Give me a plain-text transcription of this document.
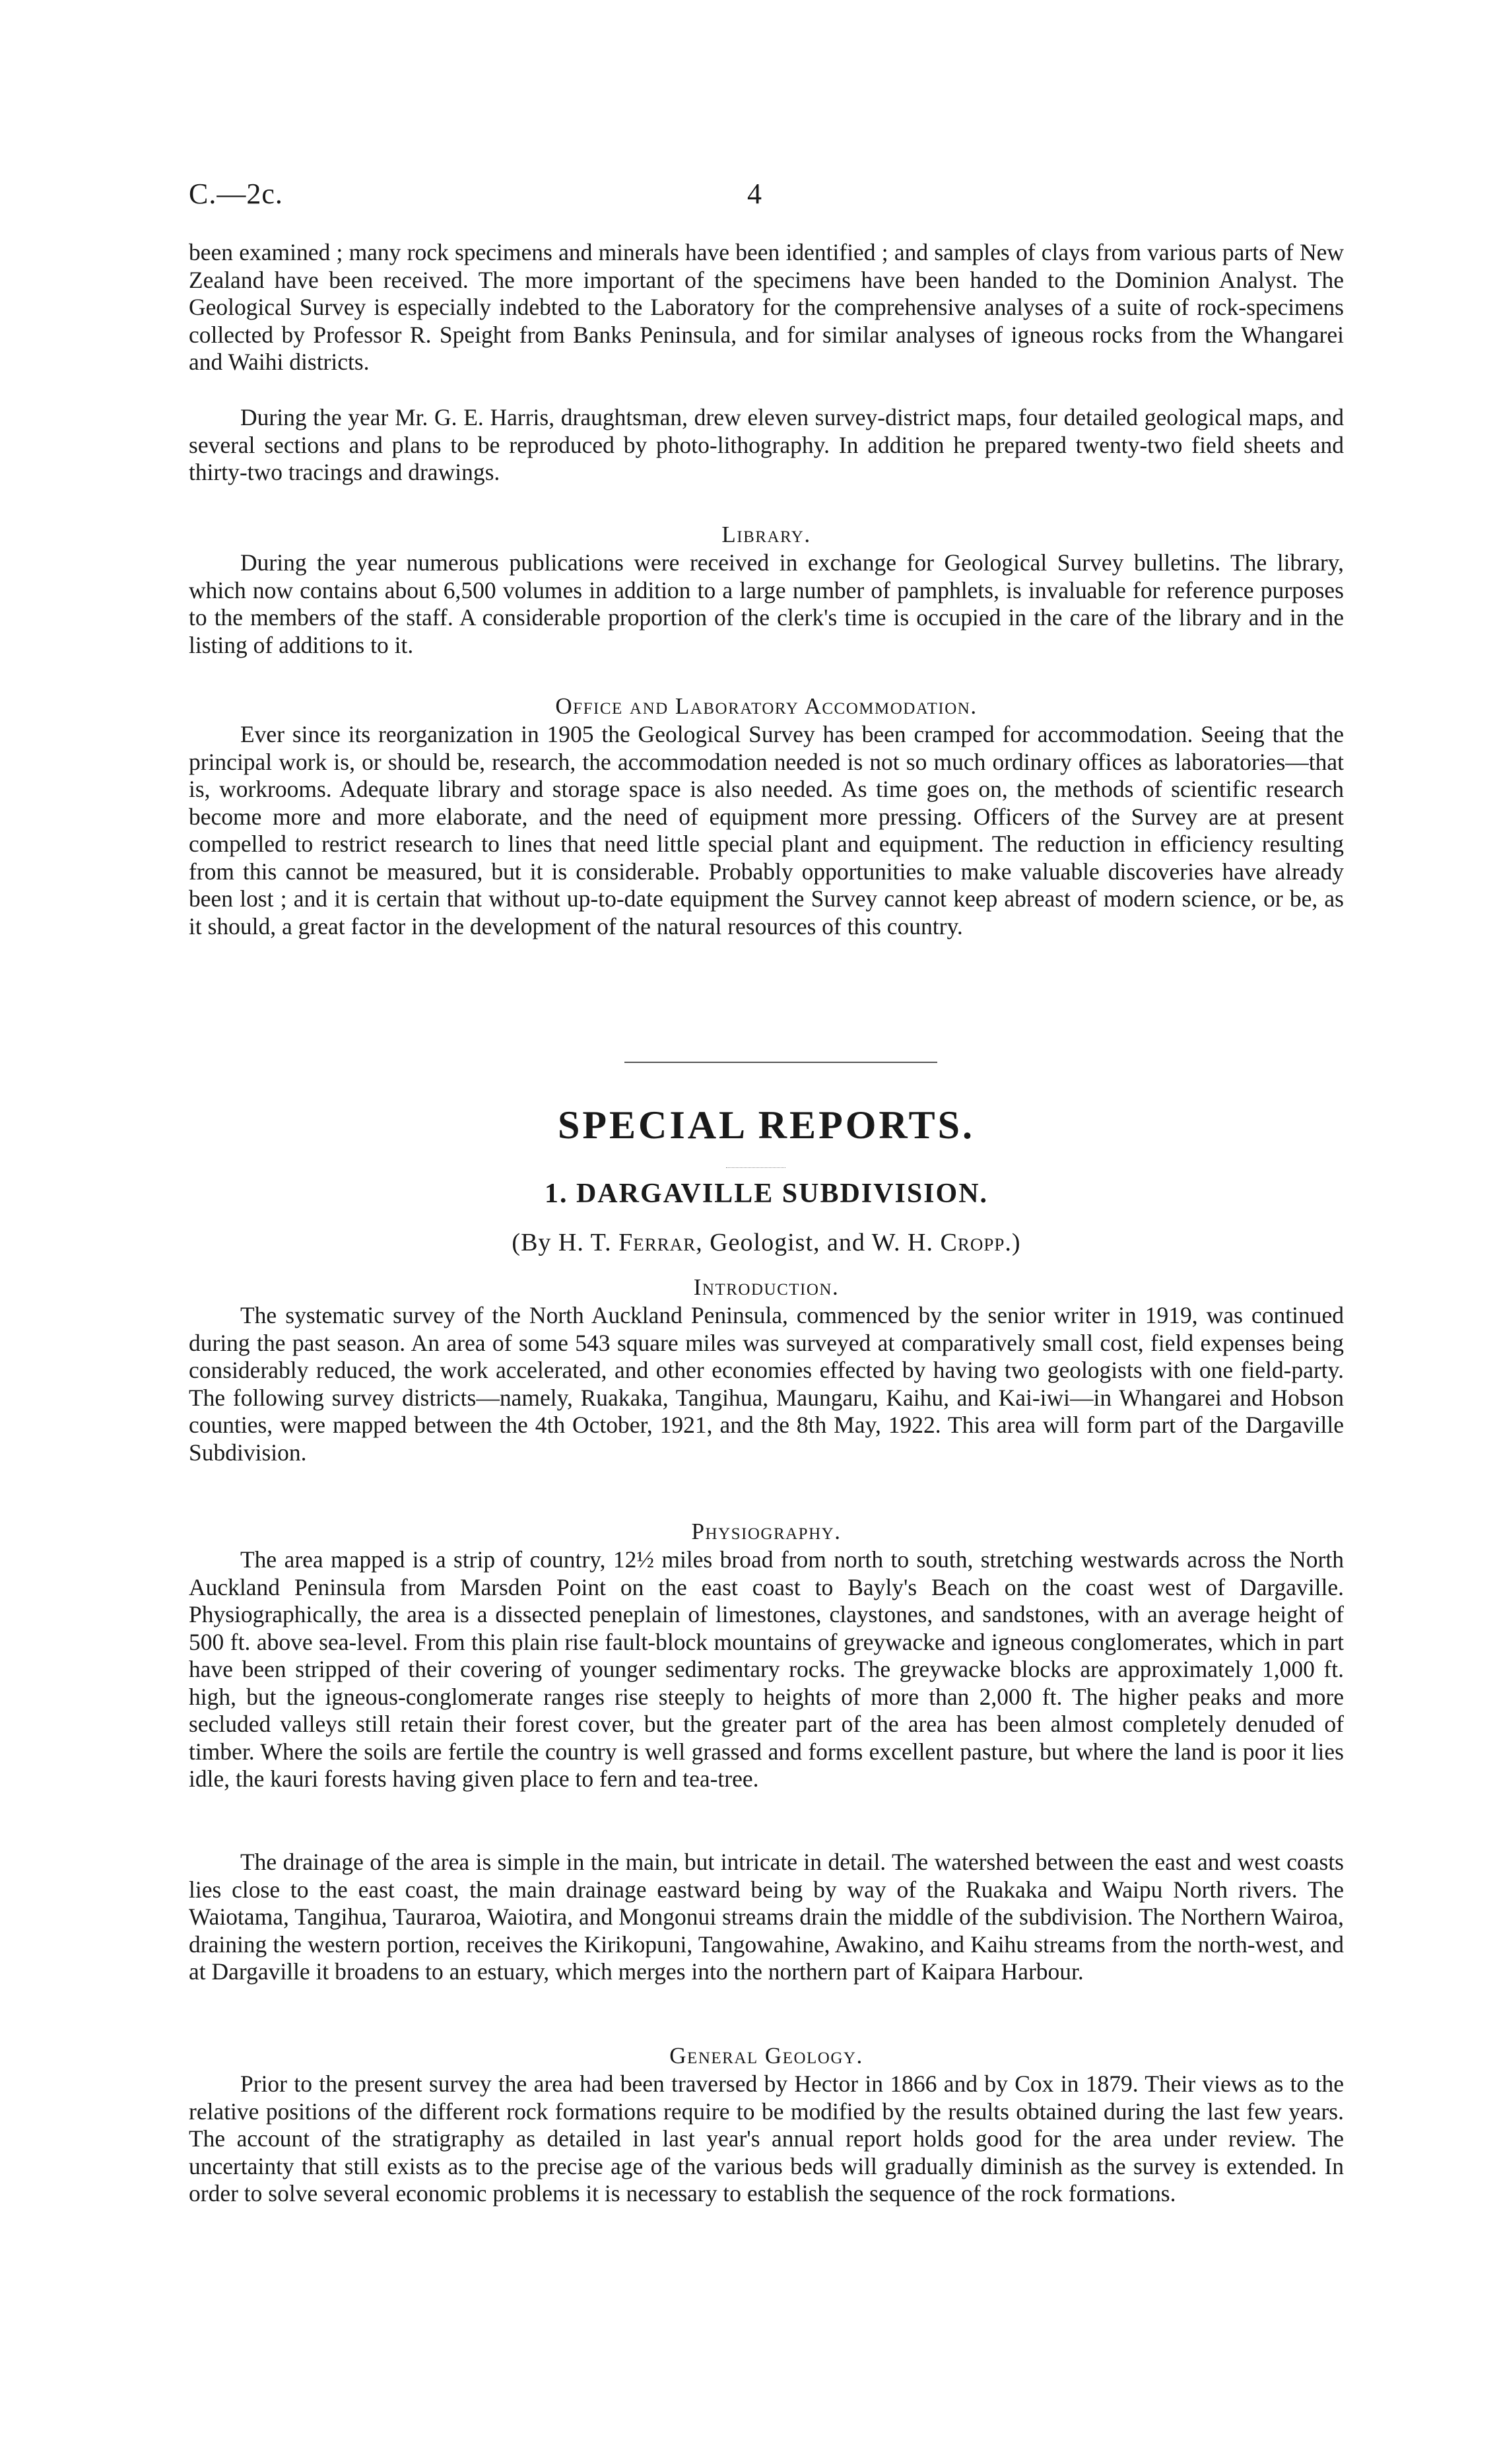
C.—2c.	4

been examined ; many rock specimens and minerals have been identified ; and samples of clays from various parts of New Zealand have been received. The more important of the specimens have been handed to the Dominion Analyst. The Geological Survey is especially indebted to the Laboratory for the comprehensive analyses of a suite of rock-specimens collected by Professor R. Speight from Banks Peninsula, and for similar analyses of igneous rocks from the Whangarei and Waihi districts.

During the year Mr. G. E. Harris, draughtsman, drew eleven survey-district maps, four detailed geological maps, and several sections and plans to be reproduced by photo-lithography. In addition he prepared twenty-two field sheets and thirty-two tracings and drawings.

Library.

During the year numerous publications were received in exchange for Geological Survey bulletins. The library, which now contains about 6,500 volumes in addition to a large number of pamphlets, is invaluable for reference purposes to the members of the staff. A considerable proportion of the clerk's time is occupied in the care of the library and in the listing of additions to it.

Office and Laboratory Accommodation.

Ever since its reorganization in 1905 the Geological Survey has been cramped for accommodation. Seeing that the principal work is, or should be, research, the accommodation needed is not so much ordinary offices as laboratories—that is, workrooms. Adequate library and storage space is also needed. As time goes on, the methods of scientific research become more and more elaborate, and the need of equipment more pressing. Officers of the Survey are at present compelled to restrict research to lines that need little special plant and equipment. The reduction in efficiency resulting from this cannot be measured, but it is considerable. Probably opportunities to make valuable discoveries have already been lost ; and it is certain that without up-to-date equipment the Survey cannot keep abreast of modern science, or be, as it should, a great factor in the development of the natural resources of this country.

SPECIAL REPORTS.
1. DARGAVILLE SUBDIVISION.

(By H. T. Ferrar, Geologist, and W. H. Cropp.)

Introduction.

The systematic survey of the North Auckland Peninsula, commenced by the senior writer in 1919, was continued during the past season. An area of some 543 square miles was surveyed at comparatively small cost, field expenses being considerably reduced, the work accelerated, and other economies effected by having two geologists with one field-party. The following survey districts—namely, Ruakaka, Tangihua, Maungaru, Kaihu, and Kai-iwi—in Whangarei and Hobson counties, were mapped between the 4th October, 1921, and the 8th May, 1922. This area will form part of the Dargaville Subdivision.

Physiography.

The area mapped is a strip of country, 12½ miles broad from north to south, stretching westwards across the North Auckland Peninsula from Marsden Point on the east coast to Bayly's Beach on the coast west of Dargaville. Physiographically, the area is a dissected peneplain of limestones, claystones, and sandstones, with an average height of 500 ft. above sea-level. From this plain rise fault-block mountains of greywacke and igneous conglomerates, which in part have been stripped of their covering of younger sedimentary rocks. The greywacke blocks are approximately 1,000 ft. high, but the igneous-conglomerate ranges rise steeply to heights of more than 2,000 ft. The higher peaks and more secluded valleys still retain their forest cover, but the greater part of the area has been almost completely denuded of timber. Where the soils are fertile the country is well grassed and forms excellent pasture, but where the land is poor it lies idle, the kauri forests having given place to fern and tea-tree.

The drainage of the area is simple in the main, but intricate in detail. The watershed between the east and west coasts lies close to the east coast, the main drainage eastward being by way of the Ruakaka and Waipu North rivers. The Waiotama, Tangihua, Tauraroa, Waiotira, and Mongonui streams drain the middle of the subdivision. The Northern Wairoa, draining the western portion, receives the Kirikopuni, Tangowahine, Awakino, and Kaihu streams from the north-west, and at Dargaville it broadens to an estuary, which merges into the northern part of Kaipara Harbour.

General Geology.

Prior to the present survey the area had been traversed by Hector in 1866 and by Cox in 1879. Their views as to the relative positions of the different rock formations require to be modified by the results obtained during the last few years. The account of the stratigraphy as detailed in last year's annual report holds good for the area under review. The uncertainty that still exists as to the precise age of the various beds will gradually diminish as the survey is extended. In order to solve several economic problems it is necessary to establish the sequence of the rock formations.
